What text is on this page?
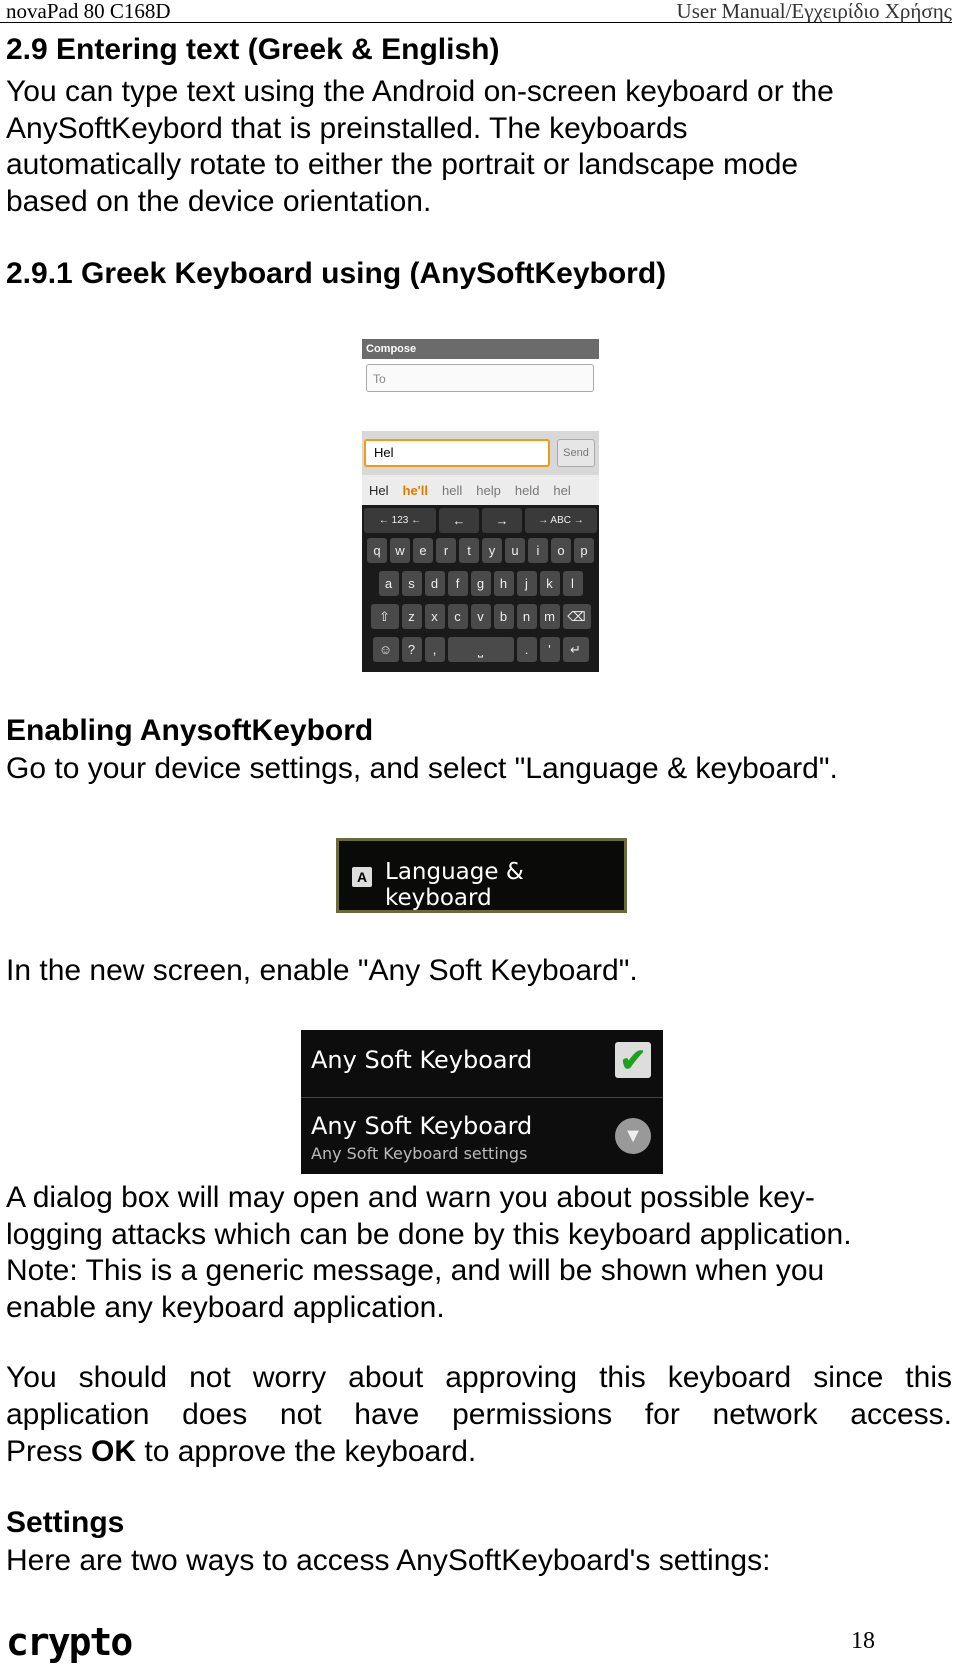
novaPad 80 C168D	User Manual/Εγχειρίδιο Χρήσης

2.9 Entering text (Greek & English)

You can type text using the Android on-screen keyboard or the

AnySoftKeybord that is preinstalled. The keyboards

automatically rotate to either the portrait or landscape mode

based on the device orientation.

2.9.1 Greek Keyboard using (AnySoftKeybord)

Compose
To
Hel	Send
Hel	he'll	hell	help	held	hel
← 123 ←	←	→	→ ABC →
q	w	e	r	t	y	u	i	o	p
a	s	d	f	g	h	j	k	l
⇧	z	x	c	v	b	n	m ⌫
☺	?	,	⎵	.	'	↵

Enabling AnysoftKeybord

Go to your device settings, and select "Language & keyboard".

A Language & keyboard

In the new screen, enable "Any Soft Keyboard".

Any Soft Keyboard	✔
Any Soft Keyboard
Any Soft Keyboard settings
▼

A dialog box will may open and warn you about possible key-

logging attacks which can be done by this keyboard application.

Note: This is a generic message, and will be shown when you

enable any keyboard application.

You should not worry about approving this keyboard since this

application does not have permissions for network access.

Press OK to approve the keyboard.

Settings

Here are two ways to access AnySoftKeyboard's settings:

crypto	18
